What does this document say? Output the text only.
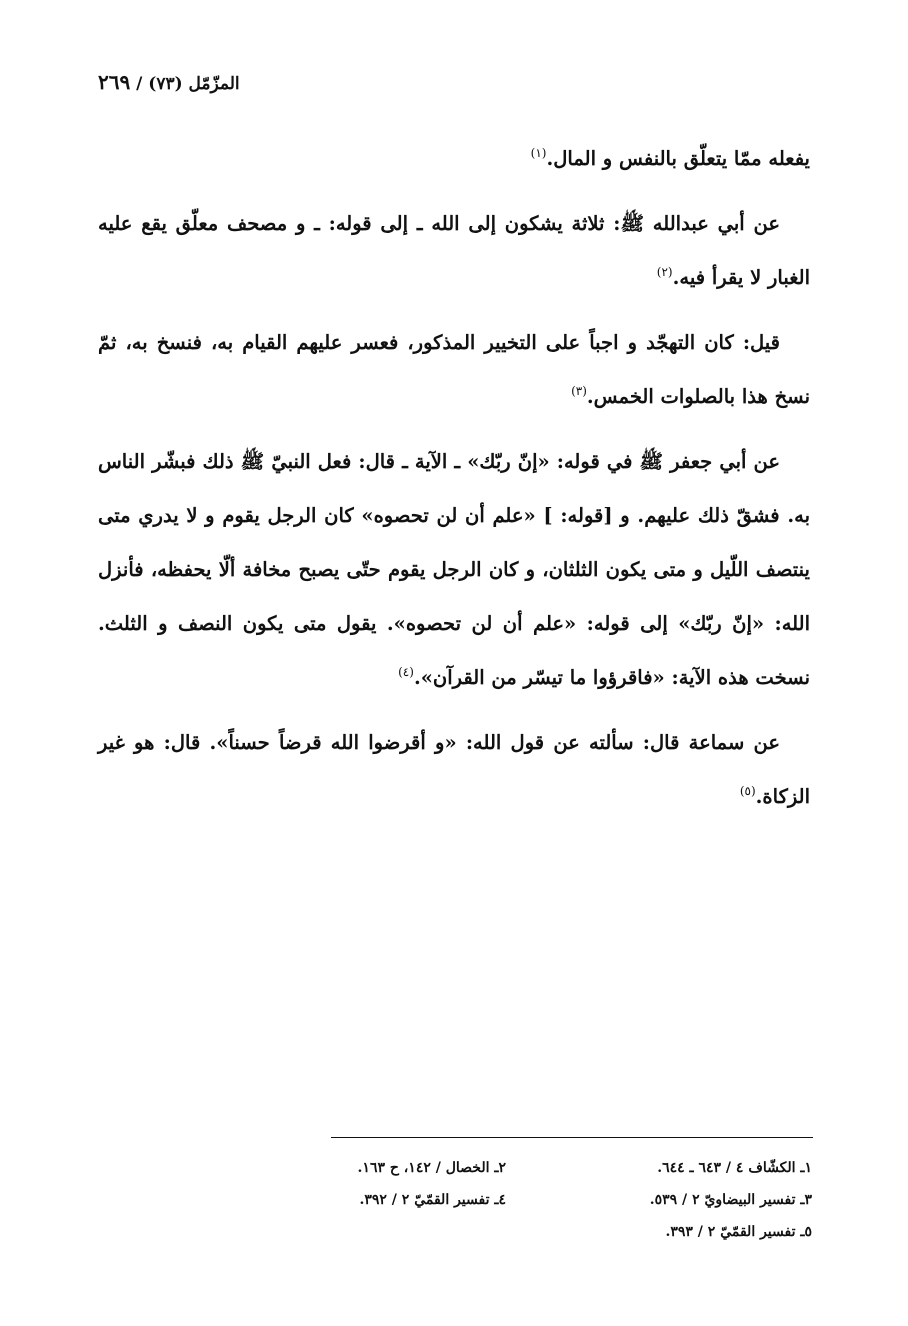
المزّمّل (٧٣) / ٢٦٩

يفعله ممّا يتعلّق بالنفس و المال.$^{(١)}$

عن أبي عبدالله ﷺ: ثلاثة يشكون إلى الله ـ إلى قوله: ـ و مصحف معلّق يقع عليه الغبار لا يقرأ فيه.$^{(٢)}$

قيل: كان التهجّد و اجباً على التخيير المذكور، فعسر عليهم القيام به، فنسخ به، ثمّ نسخ هذا بالصلوات الخمس.$^{(٣)}$

عن أبي جعفر ﷺ في قوله: «إنّ ربّك» ـ الآية ـ قال: فعل النبيّ ﷺ ذلك فبشّر الناس به. فشقّ ذلك عليهم. و [قوله: ] «علم أن لن تحصوه» كان الرجل يقوم و لا يدري متى ينتصف اللّيل و متى يكون الثلثان، و كان الرجل يقوم حتّى يصبح مخافة ألّا يحفظه، فأنزل الله: «إنّ ربّك» إلى قوله: «علم أن لن تحصوه». يقول متى يكون النصف و الثلث. نسخت هذه الآية: «فاقرؤوا ما تيسّر من القرآن».$^{(٤)}$

عن سماعة قال: سألته عن قول الله: «و أقرضوا الله قرضاً حسناً». قال: هو غير الزكاة.$^{(٥)}$

١ـ الكشّاف ٤ / ٦٤٣ ـ ٦٤٤.
٢ـ الخصال / ١٤٢، ح ١٦٣.
٣ـ تفسير البيضاويّ ٢ / ٥٣٩.
٤ـ تفسير القمّيّ ٢ / ٣٩٢.
٥ـ تفسير القمّيّ ٢ / ٣٩٣.
